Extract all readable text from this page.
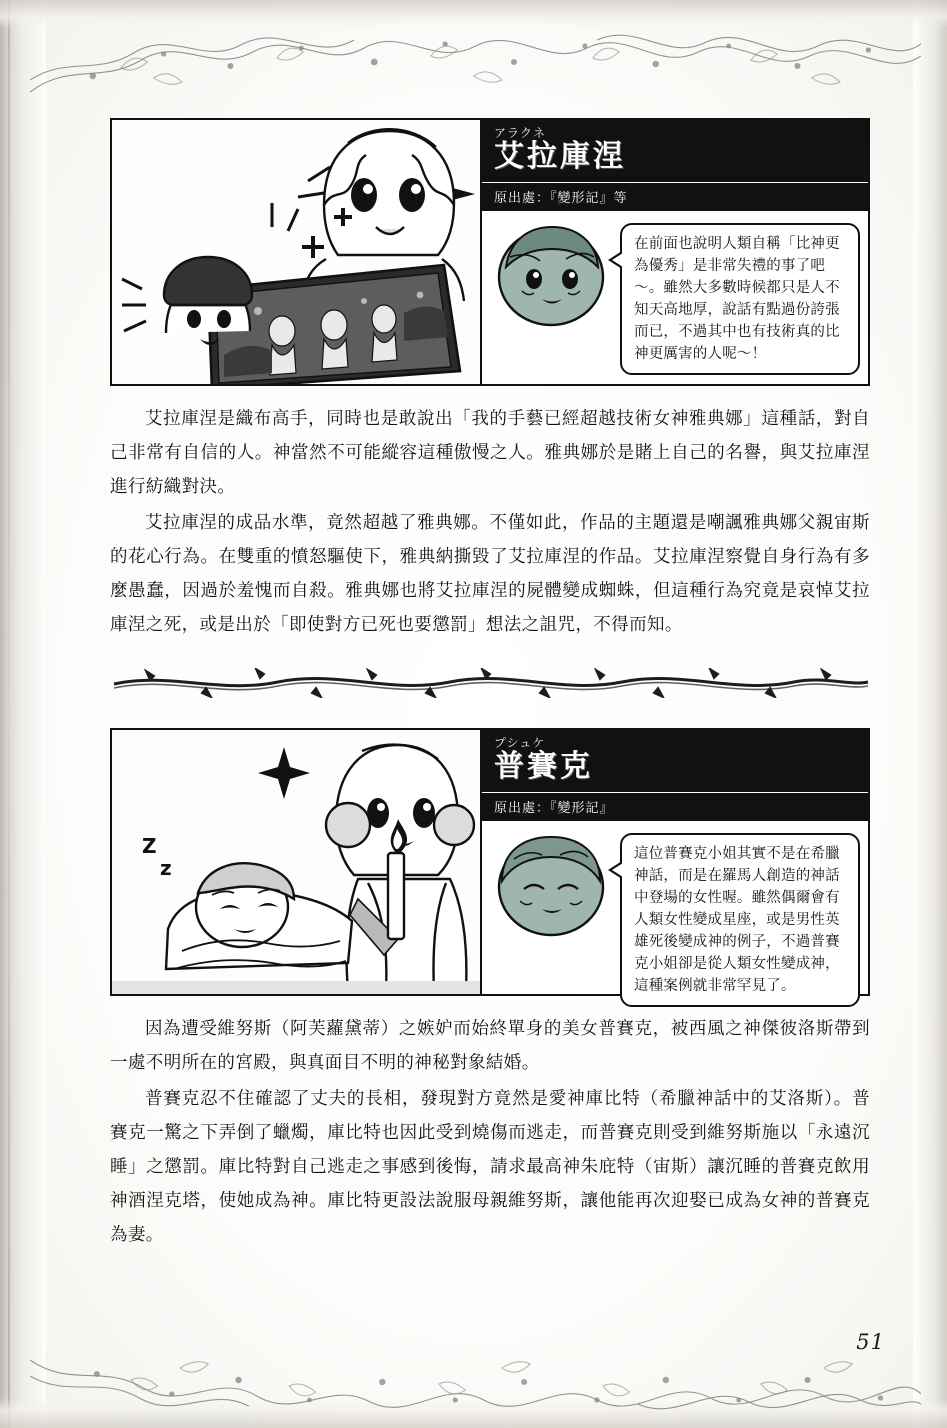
アラクネ
艾拉庫涅
原出處：『變形記』等
在前面也說明人類自稱「比神更為優秀」是非常失禮的事了吧～。雖然大多數時候都只是人不知天高地厚，說話有點過份誇張而已，不過其中也有技術真的比神更厲害的人呢～！

艾拉庫涅是織布高手，同時也是敢說出「我的手藝已經超越技術女神雅典娜」這種話，對自己非常有自信的人。神當然不可能縱容這種傲慢之人。雅典娜於是賭上自己的名譽，與艾拉庫涅進行紡織對決。

艾拉庫涅的成品水準，竟然超越了雅典娜。不僅如此，作品的主題還是嘲諷雅典娜父親宙斯的花心行為。在雙重的憤怒驅使下，雅典納撕毀了艾拉庫涅的作品。艾拉庫涅察覺自身行為有多麼愚蠢，因過於羞愧而自殺。雅典娜也將艾拉庫涅的屍體變成蜘蛛，但這種行為究竟是哀悼艾拉庫涅之死，或是出於「即使對方已死也要懲罰」想法之詛咒，不得而知。

Z
z
プシュケ
普賽克
原出處：『變形記』
這位普賽克小姐其實不是在希臘神話，而是在羅馬人創造的神話中登場的女性喔。雖然偶爾會有人類女性變成星座，或是男性英雄死後變成神的例子，不過普賽克小姐卻是從人類女性變成神，這種案例就非常罕見了。

因為遭受維努斯（阿芙蘿黛蒂）之嫉妒而始終單身的美女普賽克，被西風之神傑彼洛斯帶到一處不明所在的宮殿，與真面目不明的神秘對象結婚。

普賽克忍不住確認了丈夫的長相，發現對方竟然是愛神庫比特（希臘神話中的艾洛斯）。普賽克一驚之下弄倒了蠟燭，庫比特也因此受到燒傷而逃走，而普賽克則受到維努斯施以「永遠沉睡」之懲罰。庫比特對自己逃走之事感到後悔，請求最高神朱庇特（宙斯）讓沉睡的普賽克飲用神酒涅克塔，使她成為神。庫比特更設法說服母親維努斯，讓他能再次迎娶已成為女神的普賽克為妻。

51
